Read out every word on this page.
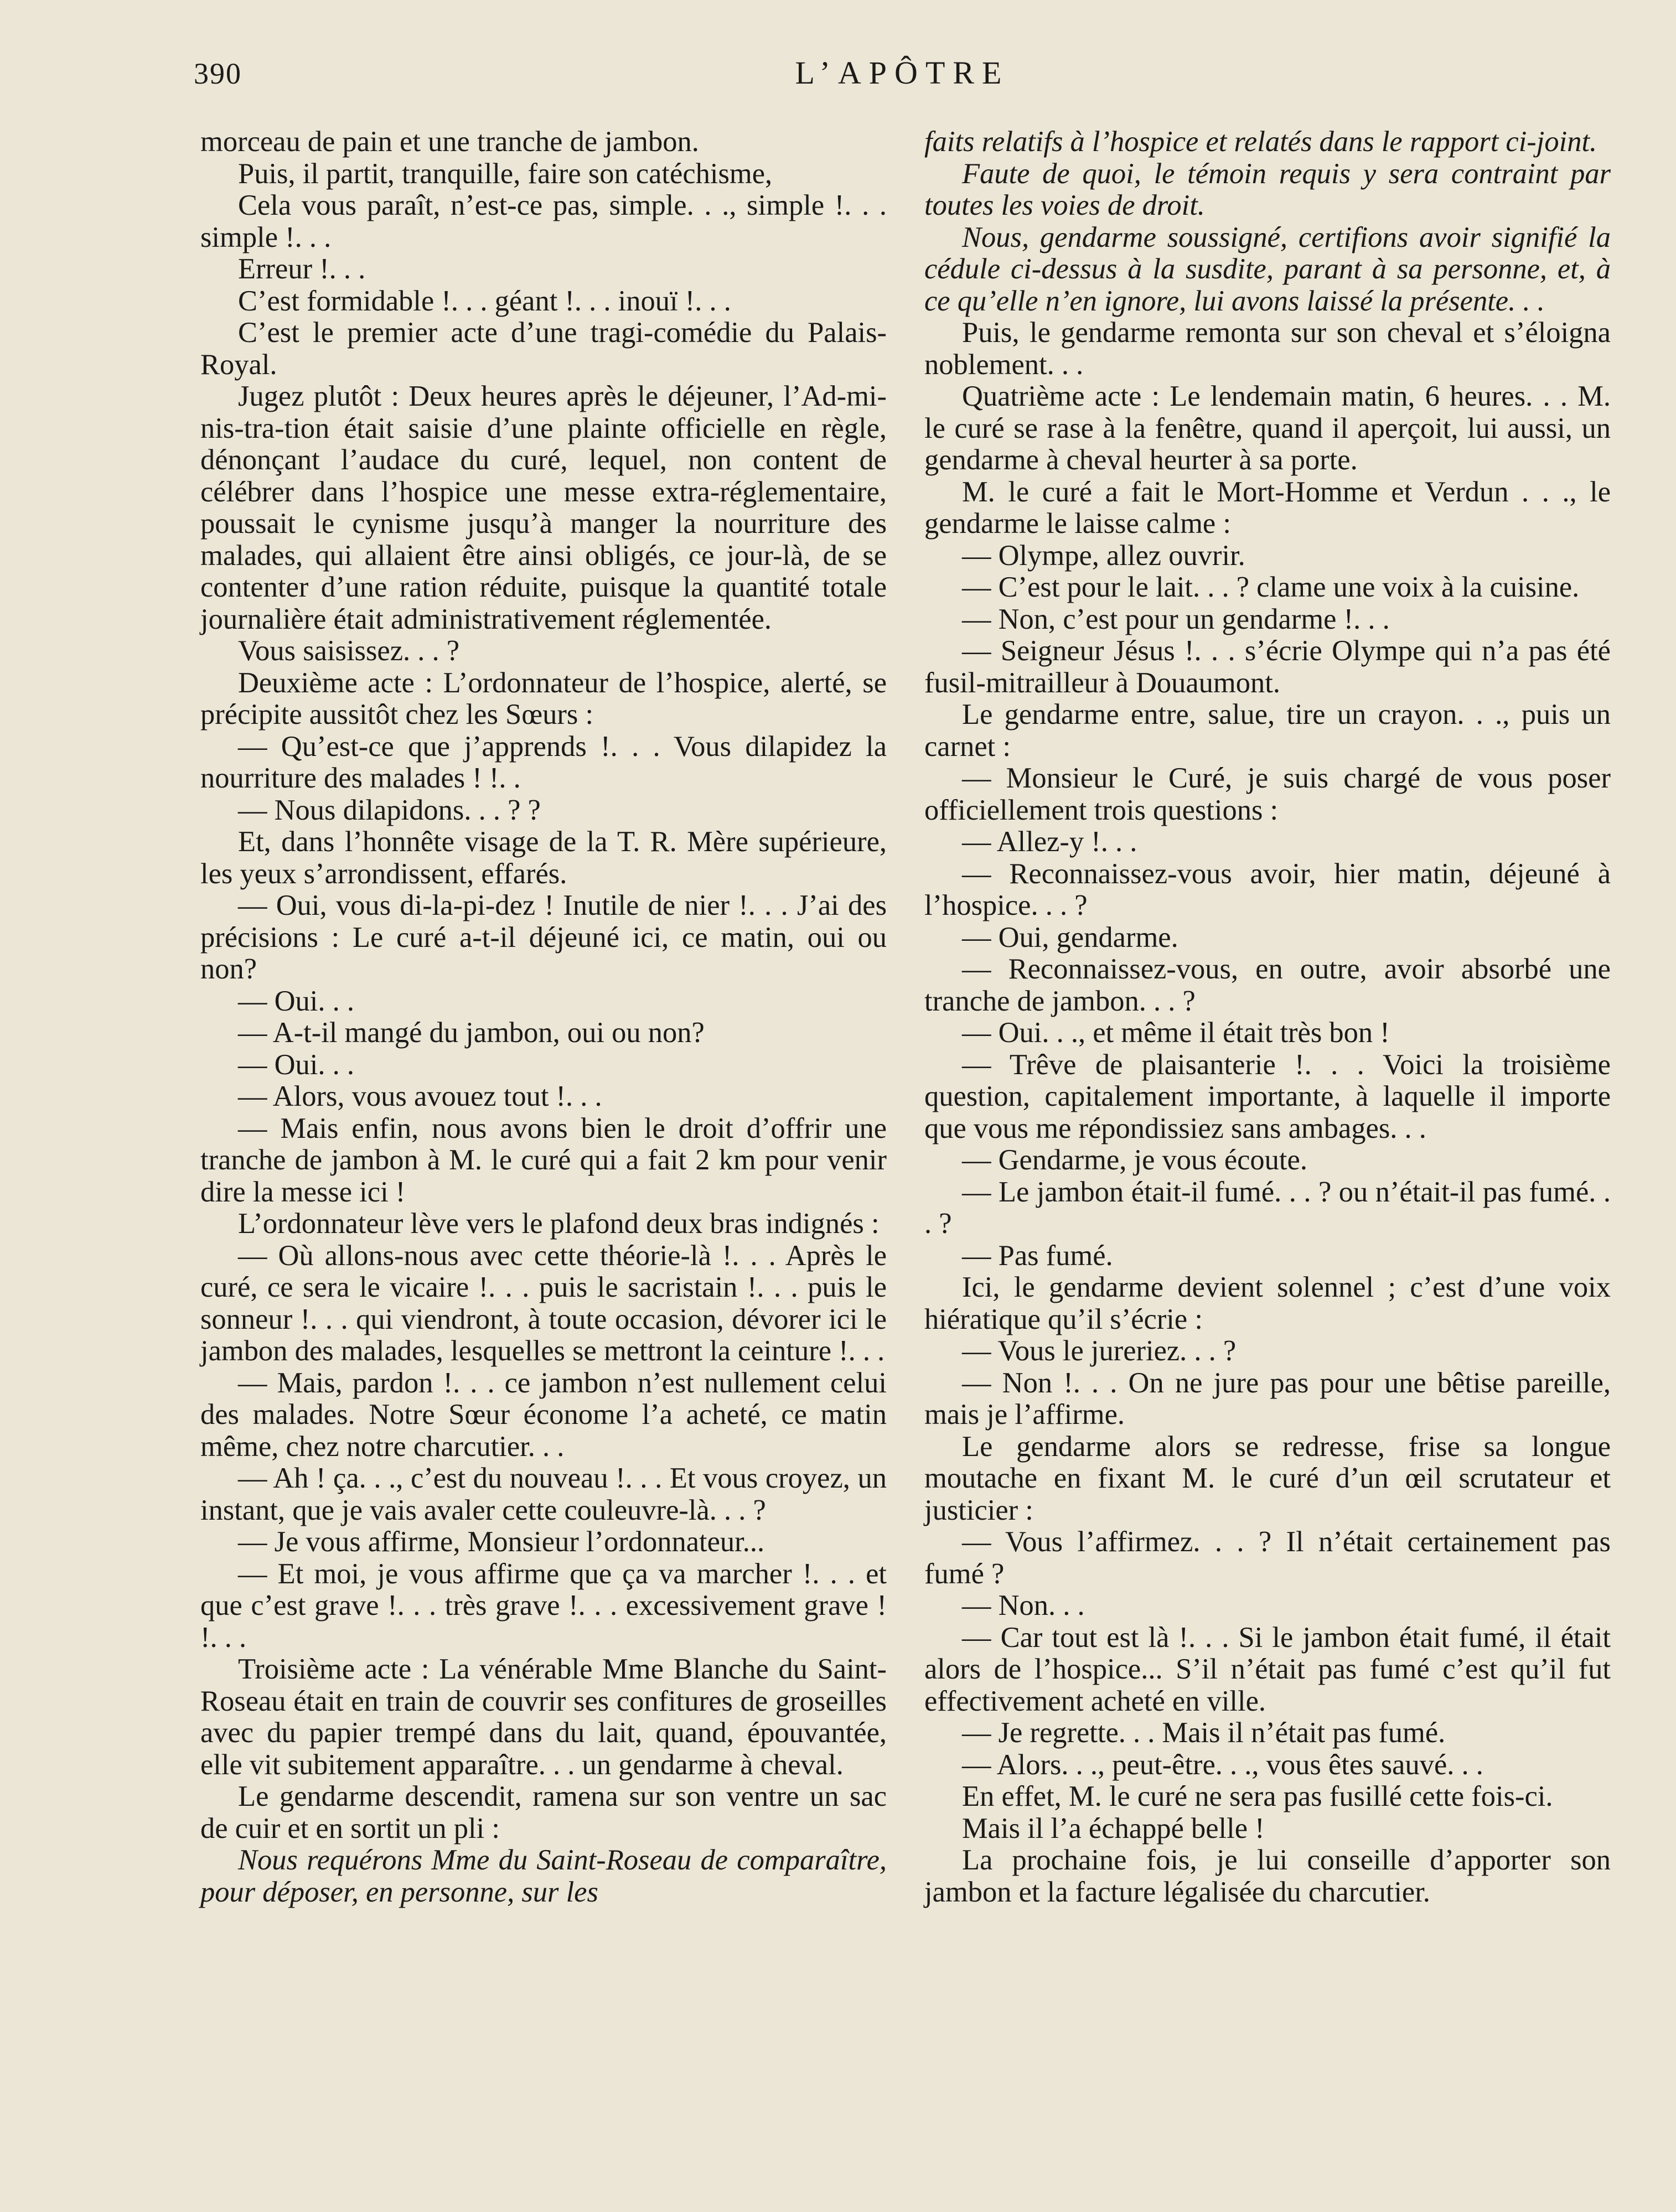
390	L’APÔTRE

morceau de pain et une tranche de jambon.

Puis, il partit, tranquille, faire son catéchisme,

Cela vous paraît, n’est-ce pas, simple. . ., simple !. . . simple !. . .

Erreur !. . .

C’est formidable !. . . géant !. . . inouï !. . .

C’est le premier acte d’une tragi-comédie du Palais-Royal.

Jugez plutôt : Deux heures après le déjeuner, l’Ad-mi-nis-tra-tion était saisie d’une plainte officielle en règle, dénonçant l’audace du curé, lequel, non content de célébrer dans l’hospice une messe extra-réglementaire, poussait le cynisme jusqu’à manger la nourriture des malades, qui allaient être ainsi obligés, ce jour-là, de se contenter d’une ration réduite, puisque la quantité totale journalière était administrativement réglementée.

Vous saisissez. . . ?

Deuxième acte : L’ordonnateur de l’hospice, alerté, se précipite aussitôt chez les Sœurs :

— Qu’est-ce que j’apprends !. . . Vous dilapidez la nourriture des malades ! !. .

— Nous dilapidons. . . ? ?

Et, dans l’honnête visage de la T. R. Mère supérieure, les yeux s’arrondissent, effarés.

— Oui, vous di-la-pi-dez ! Inutile de nier !. . . J’ai des précisions : Le curé a-t-il déjeuné ici, ce matin, oui ou non?

— Oui. . .

— A-t-il mangé du jambon, oui ou non?

— Oui. . .

— Alors, vous avouez tout !. . .

— Mais enfin, nous avons bien le droit d’offrir une tranche de jambon à M. le curé qui a fait 2 km pour venir dire la messe ici !

L’ordonnateur lève vers le plafond deux bras indignés :

— Où allons-nous avec cette théorie-là !. . . Après le curé, ce sera le vicaire !. . . puis le sacristain !. . . puis le sonneur !. . . qui viendront, à toute occasion, dévorer ici le jambon des malades, lesquelles se mettront la ceinture !. . .

— Mais, pardon !. . . ce jambon n’est nullement celui des malades. Notre Sœur économe l’a acheté, ce matin même, chez notre charcutier. . .

— Ah ! ça. . ., c’est du nouveau !. . . Et vous croyez, un instant, que je vais avaler cette couleuvre-là. . . ?

— Je vous affirme, Monsieur l’ordonnateur...

— Et moi, je vous affirme que ça va marcher !. . . et que c’est grave !. . . très grave !. . . excessivement grave ! !. . .

Troisième acte : La vénérable Mme Blanche du Saint-Roseau était en train de couvrir ses confitures de groseilles avec du papier trempé dans du lait, quand, épouvantée, elle vit subitement apparaître. . . un gendarme à cheval.

Le gendarme descendit, ramena sur son ventre un sac de cuir et en sortit un pli :

Nous requérons Mme du Saint-Roseau de comparaître, pour déposer, en personne, sur les

faits relatifs à l’hospice et relatés dans le rapport ci-joint.

Faute de quoi, le témoin requis y sera contraint par toutes les voies de droit.

Nous, gendarme soussigné, certifions avoir signifié la cédule ci-dessus à la susdite, parant à sa personne, et, à ce qu’elle n’en ignore, lui avons laissé la présente. . .

Puis, le gendarme remonta sur son cheval et s’éloigna noblement. . .

Quatrième acte : Le lendemain matin, 6 heures. . . M. le curé se rase à la fenêtre, quand il aperçoit, lui aussi, un gendarme à cheval heurter à sa porte.

M. le curé a fait le Mort-Homme et Verdun . . ., le gendarme le laisse calme :

— Olympe, allez ouvrir.

— C’est pour le lait. . . ? clame une voix à la cuisine.

— Non, c’est pour un gendarme !. . .

— Seigneur Jésus !. . . s’écrie Olympe qui n’a pas été fusil-mitrailleur à Douaumont.

Le gendarme entre, salue, tire un crayon. . ., puis un carnet :

— Monsieur le Curé, je suis chargé de vous poser officiellement trois questions :

— Allez-y !. . .

— Reconnaissez-vous avoir, hier matin, déjeuné à l’hospice. . . ?

— Oui, gendarme.

— Reconnaissez-vous, en outre, avoir absorbé une tranche de jambon. . . ?

— Oui. . ., et même il était très bon !

— Trêve de plaisanterie !. . . Voici la troisième question, capitalement importante, à laquelle il importe que vous me répondissiez sans ambages. . .

— Gendarme, je vous écoute.

— Le jambon était-il fumé. . . ? ou n’était-il pas fumé. . . ?

— Pas fumé.

Ici, le gendarme devient solennel ; c’est d’une voix hiératique qu’il s’écrie :

— Vous le jureriez. . . ?

— Non !. . . On ne jure pas pour une bêtise pareille, mais je l’affirme.

Le gendarme alors se redresse, frise sa longue moutache en fixant M. le curé d’un œil scrutateur et justicier :

— Vous l’affirmez. . . ? Il n’était certainement pas fumé ?

— Non. . .

— Car tout est là !. . . Si le jambon était fumé, il était alors de l’hospice... S’il n’était pas fumé c’est qu’il fut effectivement acheté en ville.

— Je regrette. . . Mais il n’était pas fumé.

— Alors. . ., peut-être. . ., vous êtes sauvé. . .

En effet, M. le curé ne sera pas fusillé cette fois-ci.

Mais il l’a échappé belle !

La prochaine fois, je lui conseille d’apporter son jambon et la facture légalisée du charcutier.
